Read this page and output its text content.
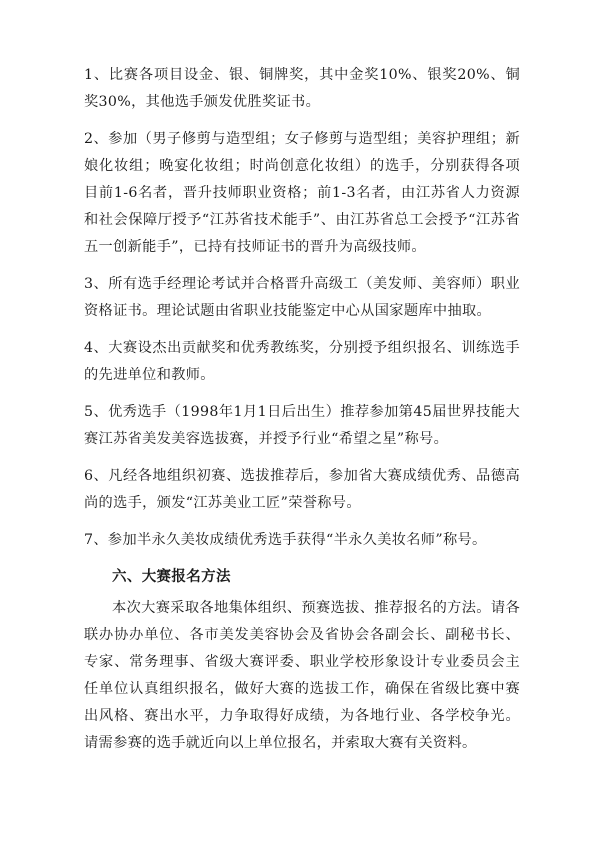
1、比赛各项目设金、银、铜牌奖，其中金奖10%、银奖20%、铜奖30%，其他选手颁发优胜奖证书。

2、参加（男子修剪与造型组；女子修剪与造型组；美容护理组；新娘化妆组；晚宴化妆组；时尚创意化妆组）的选手，分别获得各项目前1-6名者，晋升技师职业资格；前1-3名者，由江苏省人力资源和社会保障厅授予“江苏省技术能手”、由江苏省总工会授予“江苏省五一创新能手”，已持有技师证书的晋升为高级技师。

3、所有选手经理论考试并合格晋升高级工（美发师、美容师）职业资格证书。理论试题由省职业技能鉴定中心从国家题库中抽取。

4、大赛设杰出贡献奖和优秀教练奖，分别授予组织报名、训练选手的先进单位和教师。

5、优秀选手（1998年1月1日后出生）推荐参加第45届世界技能大赛江苏省美发美容选拔赛，并授予行业“希望之星”称号。

6、凡经各地组织初赛、选拔推荐后，参加省大赛成绩优秀、品德高尚的选手，颁发“江苏美业工匠”荣誉称号。

7、参加半永久美妆成绩优秀选手获得“半永久美妆名师”称号。

六、大赛报名方法

本次大赛采取各地集体组织、预赛选拔、推荐报名的方法。请各联办协办单位、各市美发美容协会及省协会各副会长、副秘书长、专家、常务理事、省级大赛评委、职业学校形象设计专业委员会主任单位认真组织报名，做好大赛的选拔工作，确保在省级比赛中赛出风格、赛出水平，力争取得好成绩，为各地行业、各学校争光。请需参赛的选手就近向以上单位报名，并索取大赛有关资料。
